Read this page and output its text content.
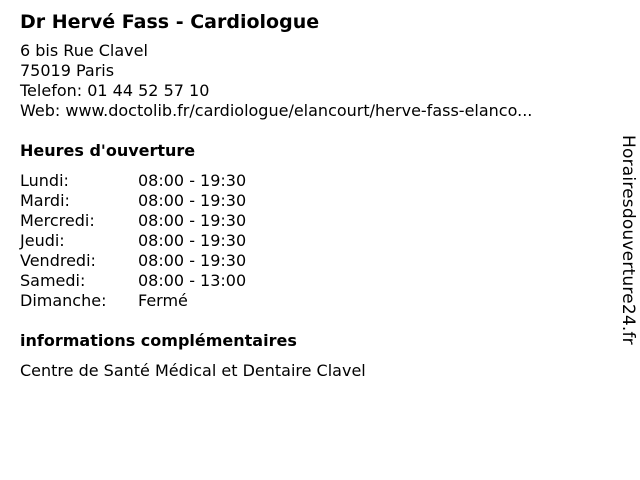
Dr Hervé Fass - Cardiologue
6 bis Rue Clavel
75019 Paris
Telefon: 01 44 52 57 10
Web: www.doctolib.fr/cardiologue/elancourt/herve-fass-elanco...
Heures d'ouverture
Lundi:	08:00 - 19:30
Mardi:	08:00 - 19:30
Mercredi:	08:00 - 19:30
Jeudi:	08:00 - 19:30
Vendredi:	08:00 - 19:30
Samedi:	08:00 - 13:00
Dimanche:	Fermé
informations complémentaires
Centre de Santé Médical et Dentaire Clavel
Horairesdouverture24.fr
